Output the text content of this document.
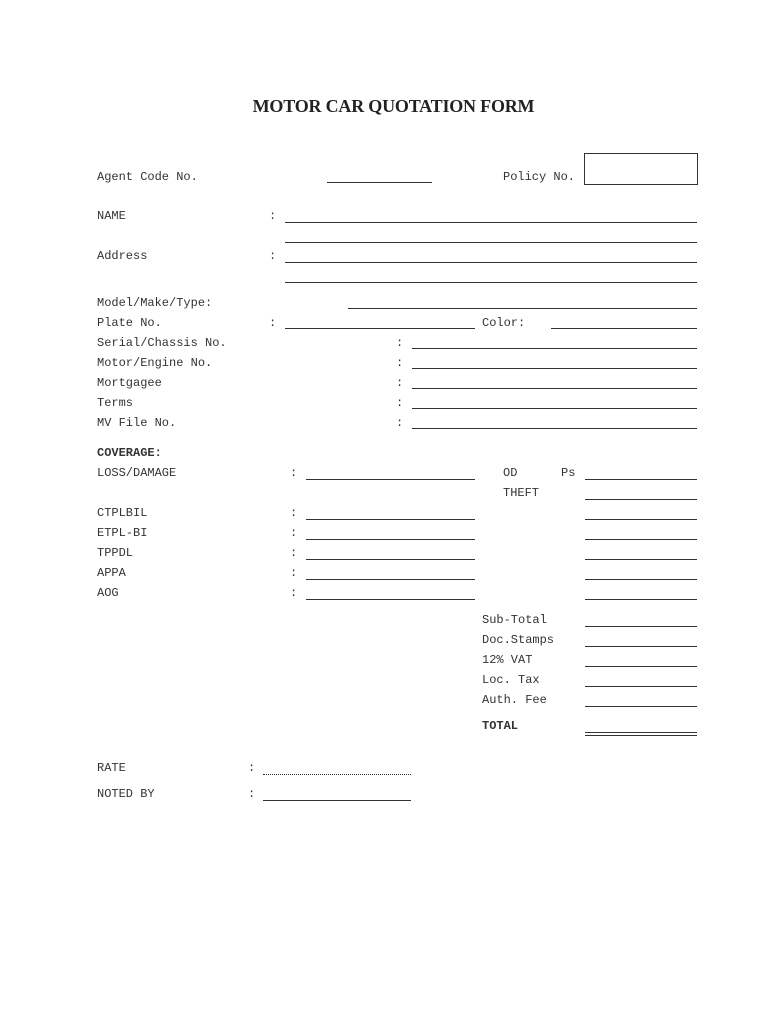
MOTOR CAR QUOTATION FORM
Agent Code No.	Policy No.
NAME	:
Address	:
Model/Make/Type:
Plate No.	:	Color:
Serial/Chassis No.	:
Motor/Engine No.	:
Mortgagee	:
Terms	:
MV File No.	:
COVERAGE:
LOSS/DAMAGE	:	OD	Ps
THEFT
CTPLBIL	:
ETPL-BI	:
TPPDL	:
APPA	:
AOG	:
Sub-Total
Doc.Stamps
12% VAT
Loc. Tax
Auth. Fee
TOTAL
RATE	:
NOTED BY	:
